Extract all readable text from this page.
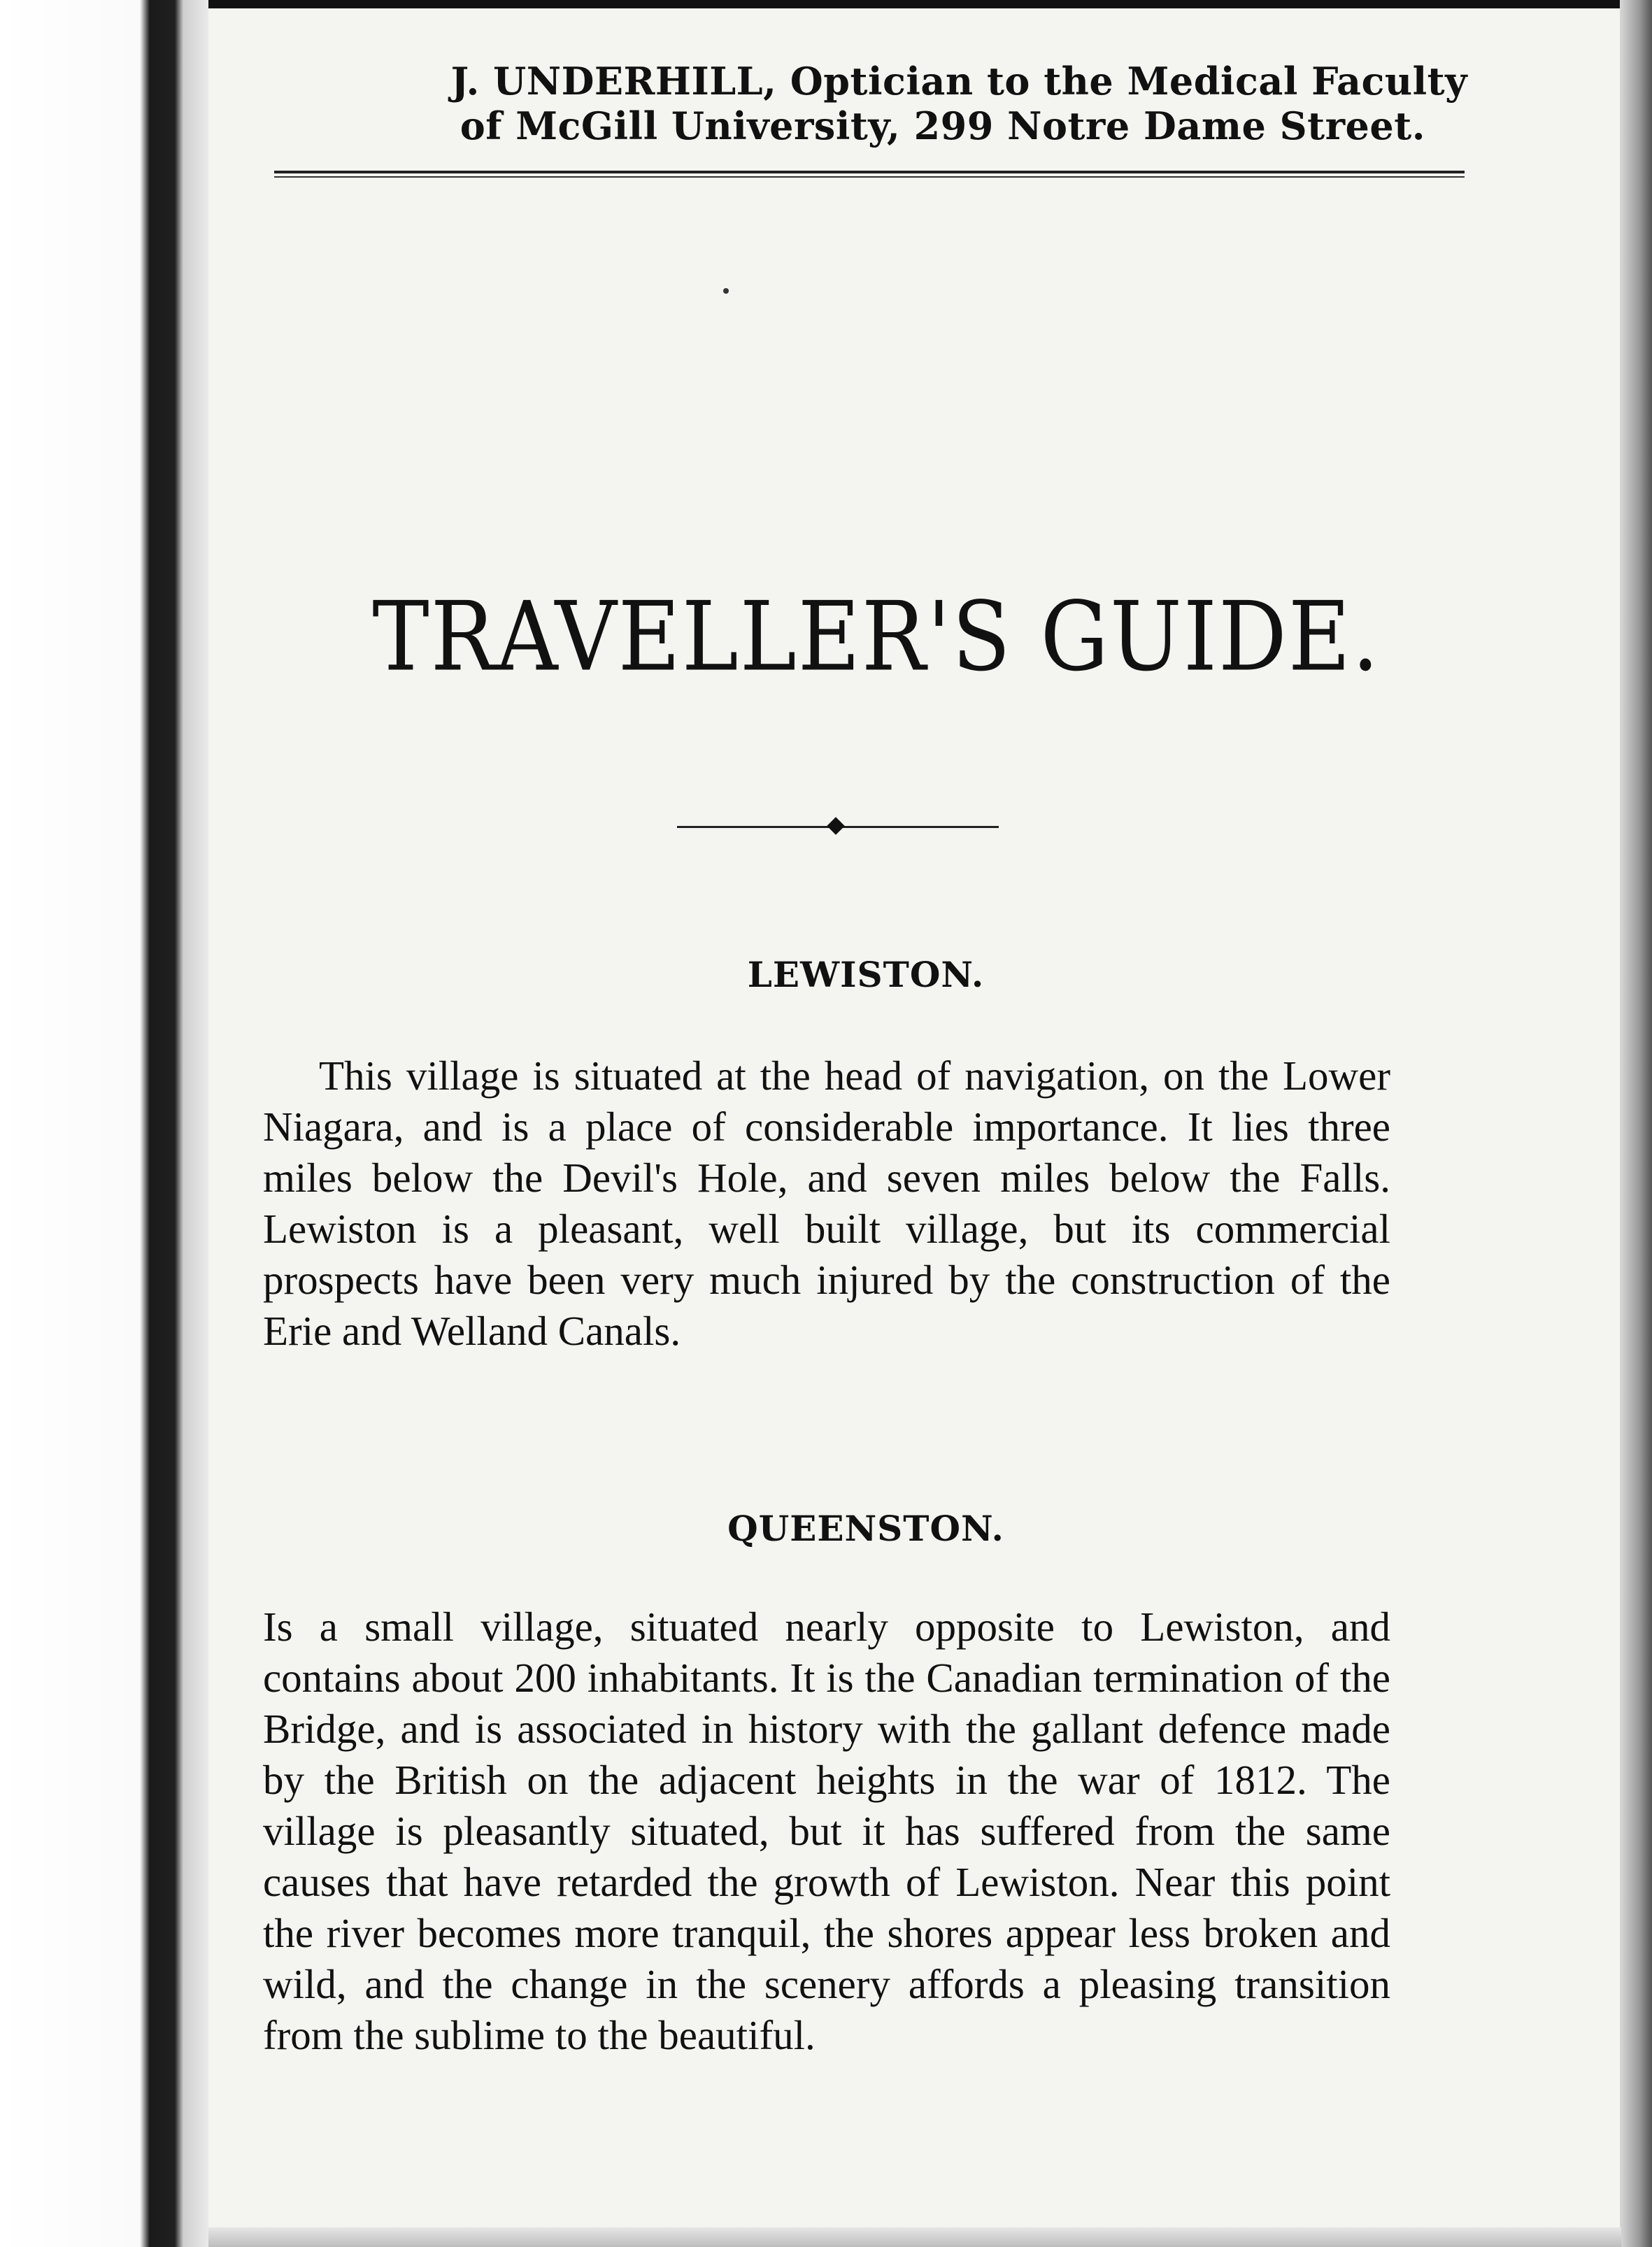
J. UNDERHILL, Optician to the Medical Faculty

of McGill University, 299 Notre Dame Street.
TRAVELLER'S GUIDE.
LEWISTON.
This village is situated at the head of navigation, on the Lower Niagara, and is a place of considerable importance. It lies three miles below the Devil's Hole, and seven miles below the Falls. Lewiston is a pleasant, well built village, but its commercial prospects have been very much injured by the construction of the Erie and Welland Canals.
QUEENSTON.
Is a small village, situated nearly opposite to Lewiston, and contains about 200 inhabitants. It is the Canadian termination of the Bridge, and is associated in history with the gallant defence made by the British on the adjacent heights in the war of 1812. The village is pleasantly situated, but it has suffered from the same causes that have retarded the growth of Lewiston. Near this point the river becomes more tranquil, the shores appear less broken and wild, and the change in the scenery affords a pleasing transition from the sublime to the beautiful.
